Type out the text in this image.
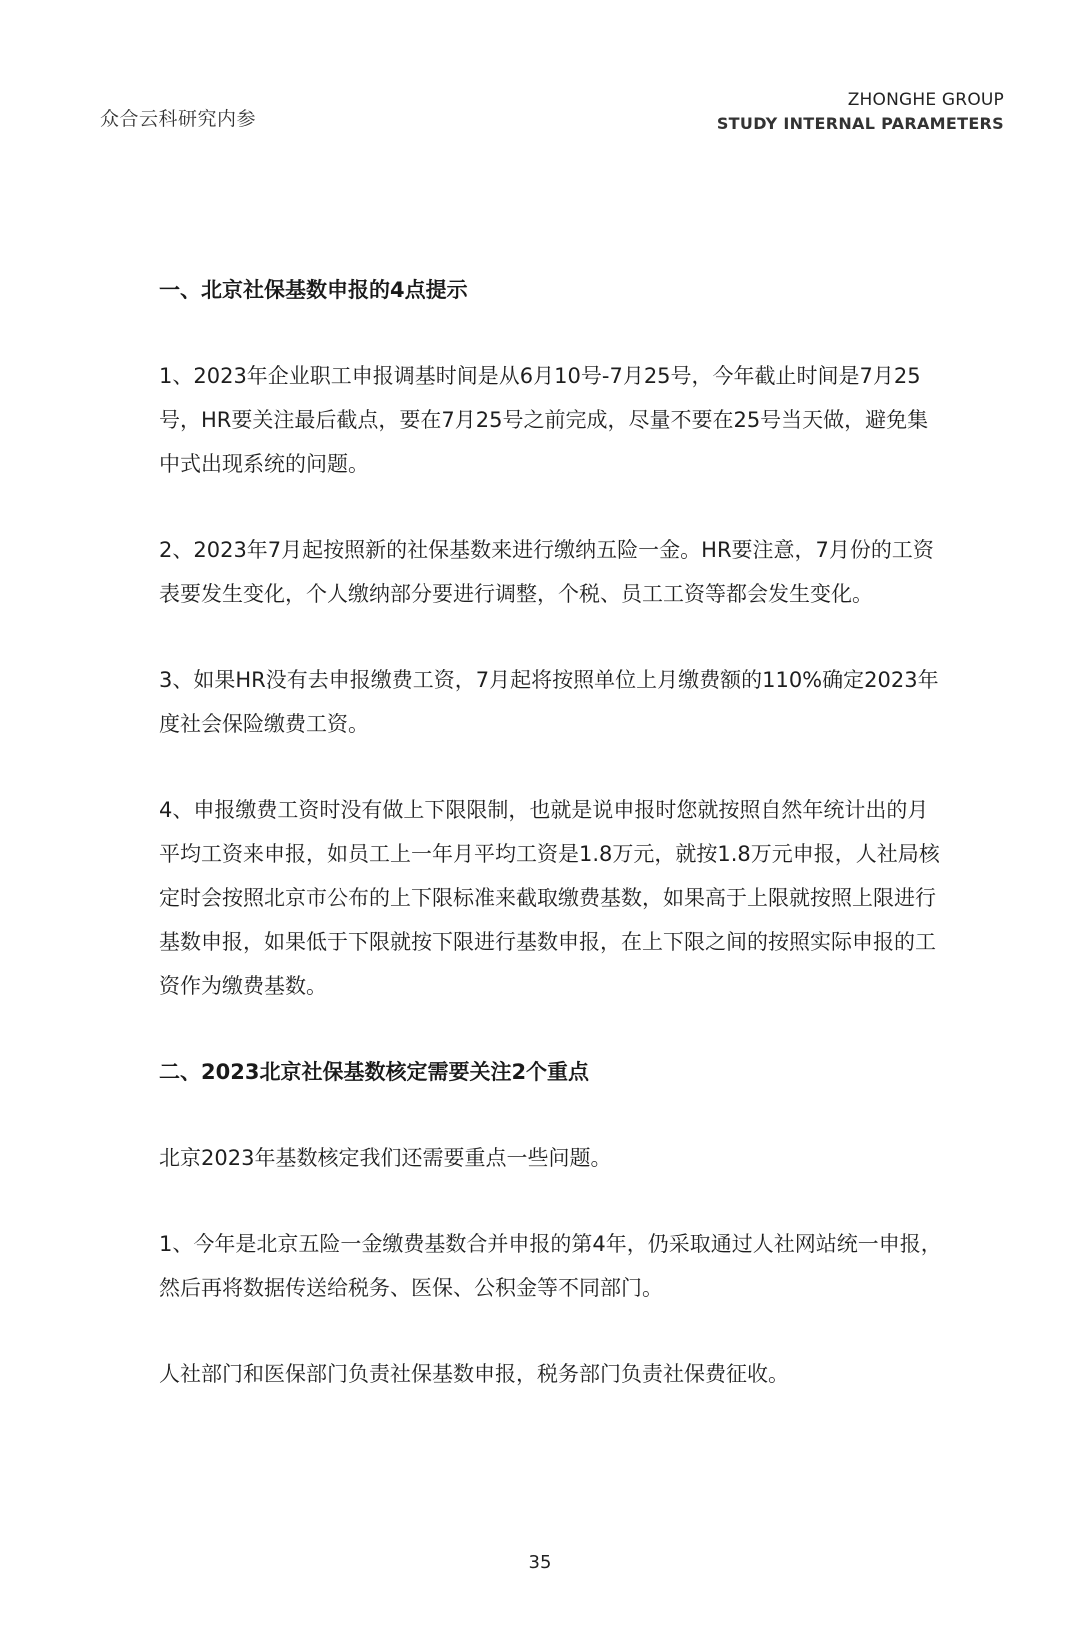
众合云科研究内参
ZHONGHE GROUP
STUDY INTERNAL PARAMETERS

一、北京社保基数申报的4点提示

1、2023年企业职工申报调基时间是从6月10号-7月25号，今年截止时间是7月25号，HR要关注最后截点，要在7月25号之前完成，尽量不要在25号当天做，避免集中式出现系统的问题。

2、2023年7月起按照新的社保基数来进行缴纳五险一金。HR要注意，7月份的工资表要发生变化，个人缴纳部分要进行调整，个税、员工工资等都会发生变化。

3、如果HR没有去申报缴费工资，7月起将按照单位上月缴费额的110%确定2023年度社会保险缴费工资。

4、申报缴费工资时没有做上下限限制，也就是说申报时您就按照自然年统计出的月平均工资来申报，如员工上一年月平均工资是1.8万元，就按1.8万元申报，人社局核定时会按照北京市公布的上下限标准来截取缴费基数，如果高于上限就按照上限进行基数申报，如果低于下限就按下限进行基数申报，在上下限之间的按照实际申报的工资作为缴费基数。

二、2023北京社保基数核定需要关注2个重点

北京2023年基数核定我们还需要重点一些问题。

1、今年是北京五险一金缴费基数合并申报的第4年，仍采取通过人社网站统一申报，然后再将数据传送给税务、医保、公积金等不同部门。

人社部门和医保部门负责社保基数申报，税务部门负责社保费征收。

35
